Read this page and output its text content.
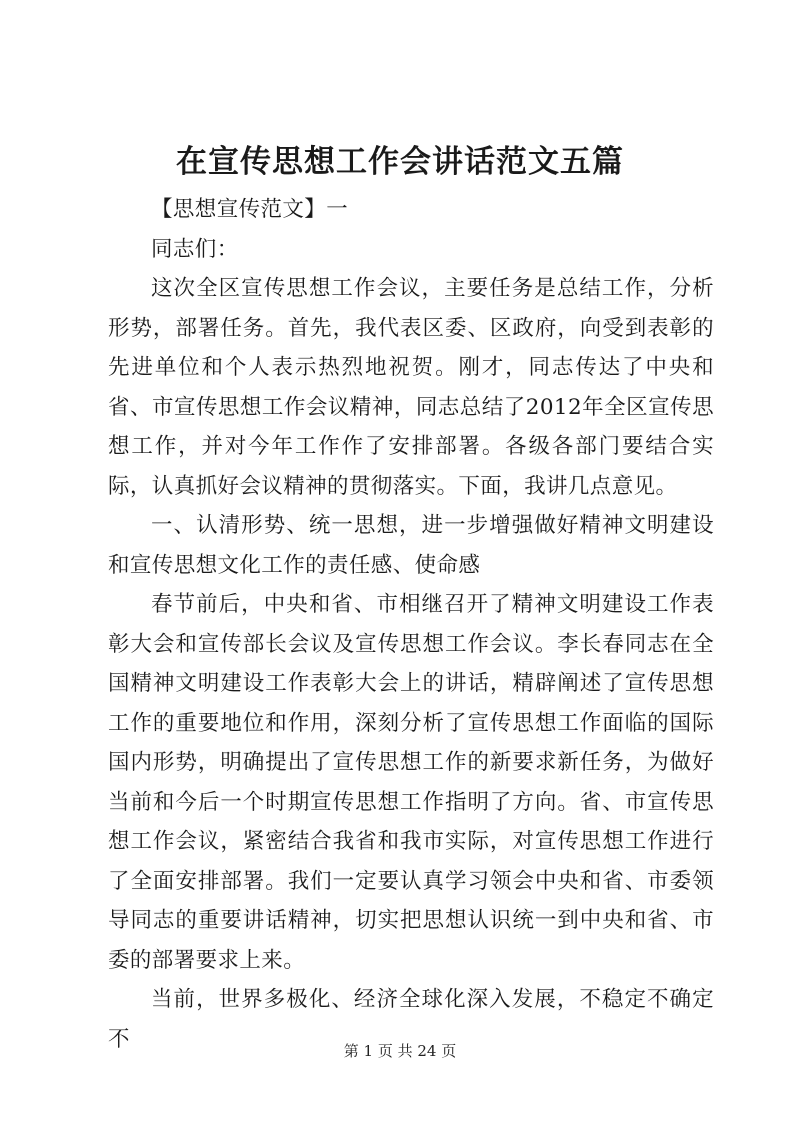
在宣传思想工作会讲话范文五篇

【思想宣传范文】一

同志们：

这次全区宣传思想工作会议，主要任务是总结工作，分析形势，部署任务。首先，我代表区委、区政府，向受到表彰的先进单位和个人表示热烈地祝贺。刚才，同志传达了中央和省、市宣传思想工作会议精神，同志总结了2012年全区宣传思想工作，并对今年工作作了安排部署。各级各部门要结合实际，认真抓好会议精神的贯彻落实。下面，我讲几点意见。

一、认清形势、统一思想，进一步增强做好精神文明建设和宣传思想文化工作的责任感、使命感

春节前后，中央和省、市相继召开了精神文明建设工作表彰大会和宣传部长会议及宣传思想工作会议。李长春同志在全国精神文明建设工作表彰大会上的讲话，精辟阐述了宣传思想工作的重要地位和作用，深刻分析了宣传思想工作面临的国际国内形势，明确提出了宣传思想工作的新要求新任务，为做好当前和今后一个时期宣传思想工作指明了方向。省、市宣传思想工作会议，紧密结合我省和我市实际，对宣传思想工作进行了全面安排部署。我们一定要认真学习领会中央和省、市委领导同志的重要讲话精神，切实把思想认识统一到中央和省、市委的部署要求上来。

当前，世界多极化、经济全球化深入发展，不稳定不确定不	第 1 页 共 24 页
